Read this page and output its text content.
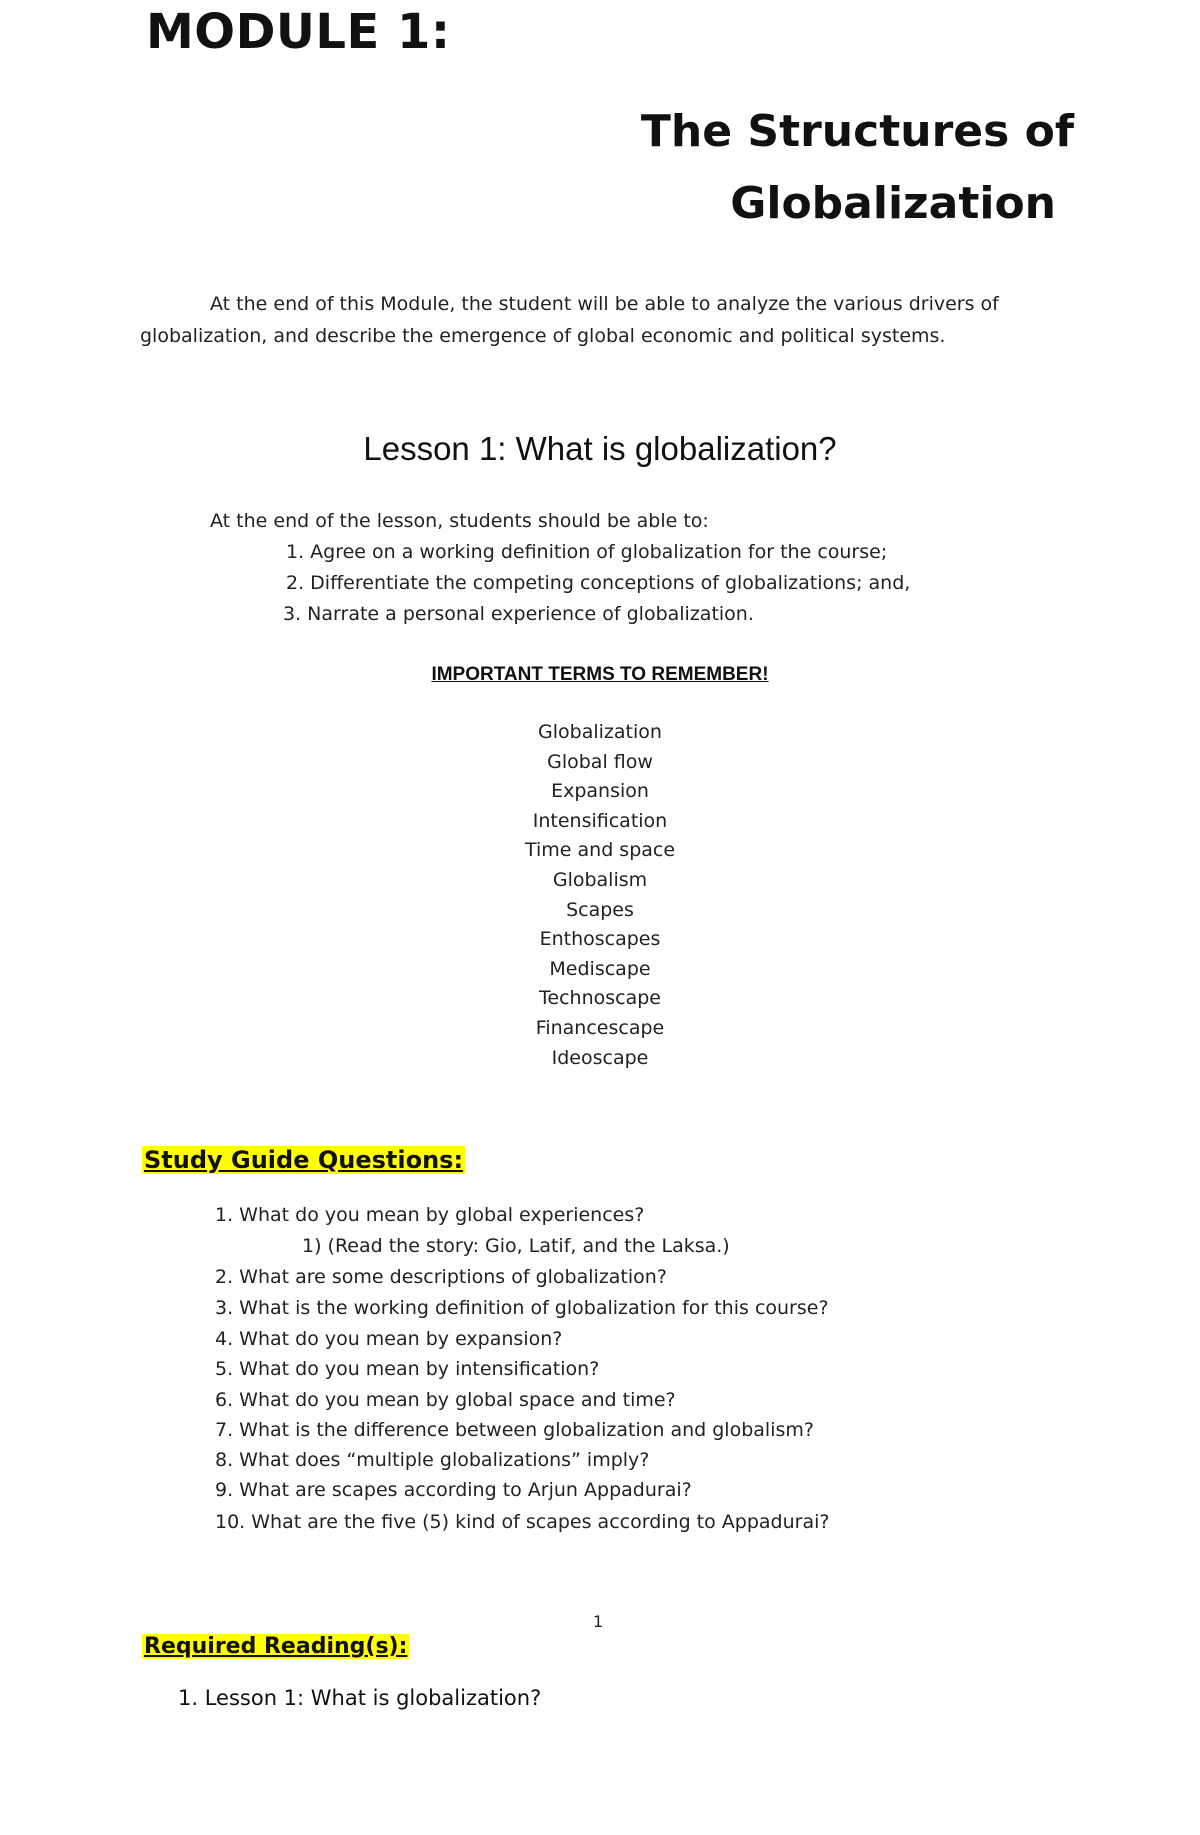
MODULE 1:
The Structures of
Globalization
At the end of this Module, the student will be able to analyze the various drivers of globalization, and describe the emergence of global economic and political systems.
Lesson 1: What is globalization?
At the end of the lesson, students should be able to:
1. Agree on a working definition of globalization for the course;
2. Differentiate the competing conceptions of globalizations; and,
3. Narrate a personal experience of globalization.
IMPORTANT TERMS TO REMEMBER!
Globalization
Global flow
Expansion
Intensification
Time and space
Globalism
Scapes
Enthoscapes
Mediscape
Technoscape
Financescape
Ideoscape
Study Guide Questions:
1. What do you mean by global experiences?
1) (Read the story: Gio, Latif, and the Laksa.)
2. What are some descriptions of globalization?
3. What is the working definition of globalization for this course?
4. What do you mean by expansion?
5. What do you mean by intensification?
6. What do you mean by global space and time?
7. What is the difference between globalization and globalism?
8. What does “multiple globalizations” imply?
9. What are scapes according to Arjun Appadurai?
10. What are the five (5) kind of scapes according to Appadurai?
1
Required Reading(s):
1. Lesson 1: What is globalization?
